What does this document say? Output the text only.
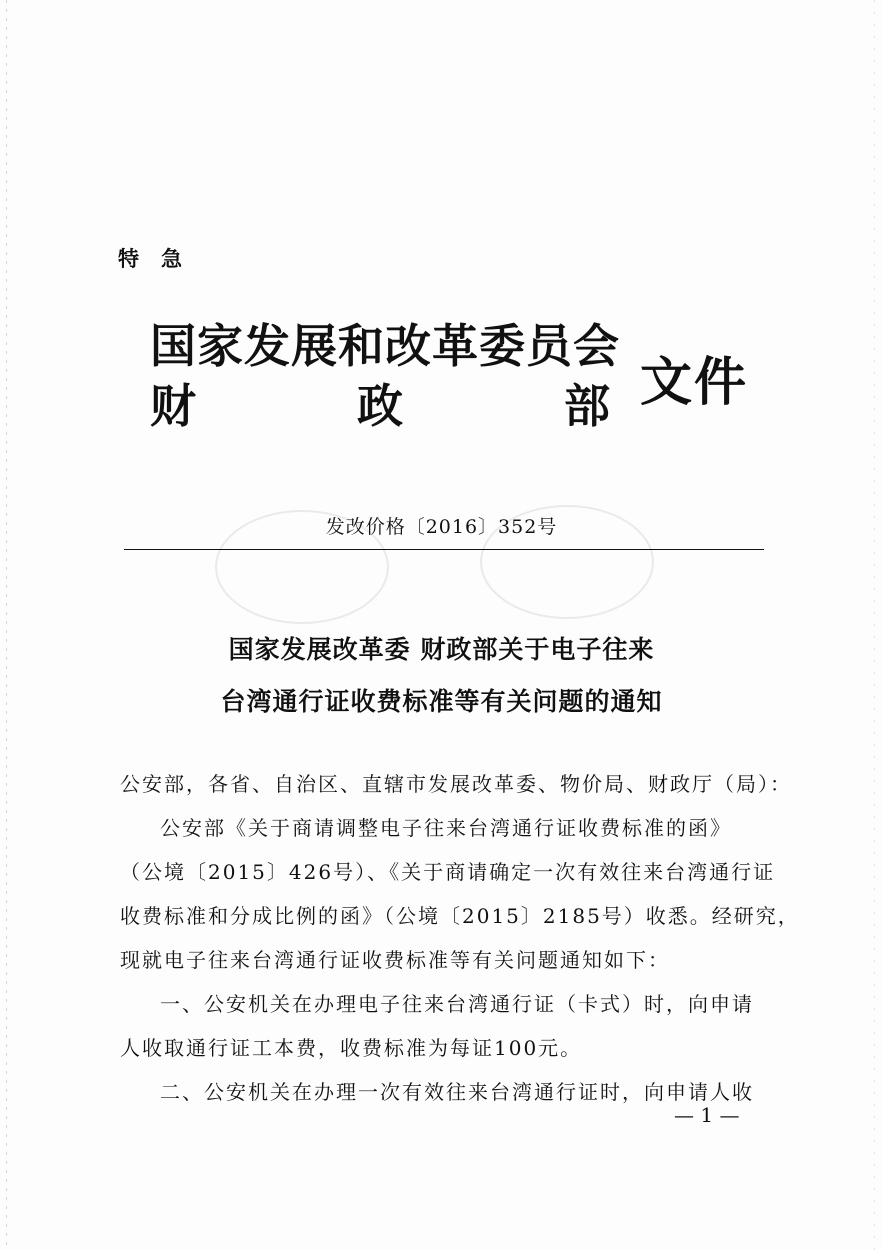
特急
国家发展和改革委员会
财	政	部 文件
发改价格〔2016〕352号
国家发展改革委 财政部关于电子往来
台湾通行证收费标准等有关问题的通知
公安部，各省、自治区、直辖市发展改革委、物价局、财政厅（局）：
公安部《关于商请调整电子往来台湾通行证收费标准的函》
（公境〔2015〕426号）、《关于商请确定一次有效往来台湾通行证
收费标准和分成比例的函》（公境〔2015〕2185号）收悉。经研究，
现就电子往来台湾通行证收费标准等有关问题通知如下：
一、公安机关在办理电子往来台湾通行证（卡式）时，向申请
人收取通行证工本费，收费标准为每证100元。
二、公安机关在办理一次有效往来台湾通行证时，向申请人收
— 1 —
